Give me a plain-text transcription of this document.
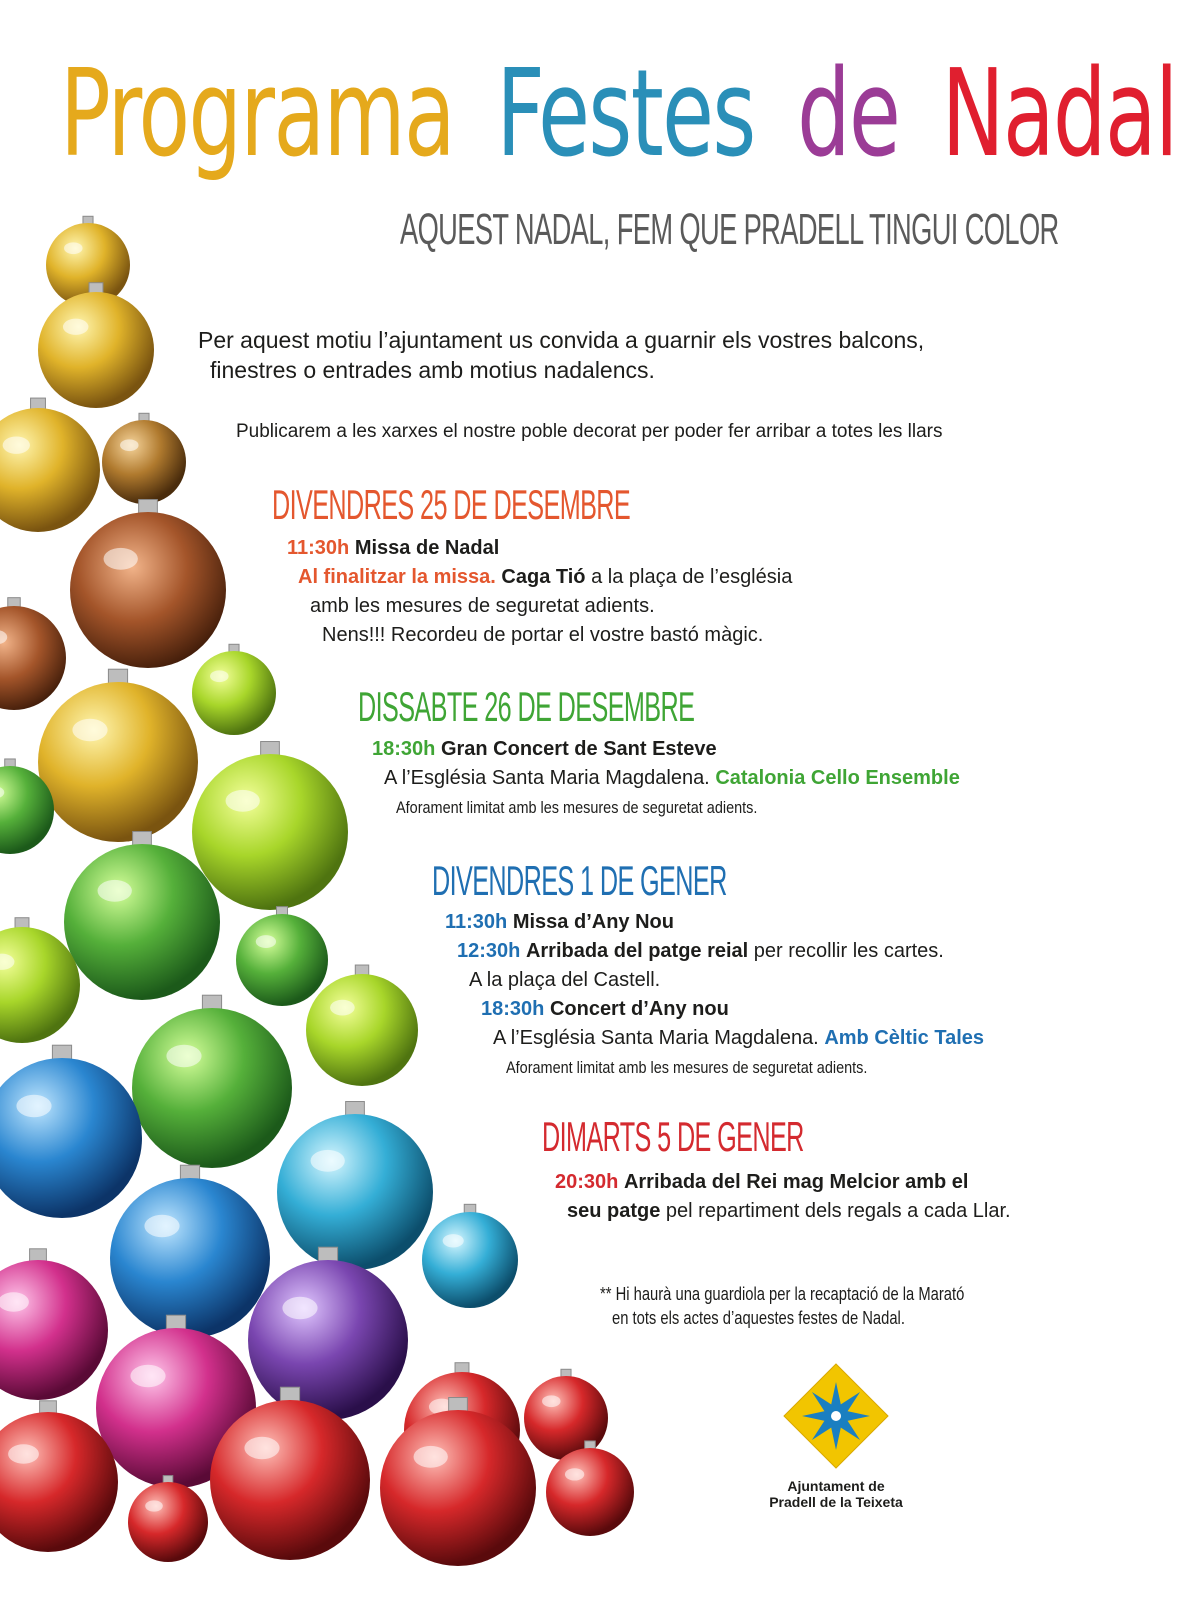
Programa Festes de Nadal
AQUEST NADAL, FEM QUE PRADELL TINGUI COLOR
Per aquest motiu l’ajuntament us convida a guarnir els vostres balcons,
finestres o entrades amb motius nadalencs.
Publicarem a les xarxes el nostre poble decorat per poder fer arribar a totes les llars
DIVENDRES 25 DE DESEMBRE
11:30h Missa de Nadal
Al finalitzar la missa. Caga Tió a la plaça de l’església
amb les mesures de seguretat adients.
Nens!!! Recordeu de portar el vostre bastó màgic.
DISSABTE 26 DE DESEMBRE
18:30h Gran Concert de Sant Esteve
A l’Església Santa Maria Magdalena. Catalonia Cello Ensemble
Aforament limitat amb les mesures de seguretat adients.
DIVENDRES 1 DE GENER
11:30h Missa d’Any Nou
12:30h Arribada del patge reial per recollir les cartes.
A la plaça del Castell.
18:30h Concert d’Any nou
A l’Església Santa Maria Magdalena. Amb Cèltic Tales
Aforament limitat amb les mesures de seguretat adients.
DIMARTS 5 DE GENER
20:30h Arribada del Rei mag Melcior amb el
seu patge pel repartiment dels regals a cada Llar.
** Hi haurà una guardiola per la recaptació de la Marató
en tots els actes d’aquestes festes de Nadal.
Ajuntament de
Pradell de la Teixeta
